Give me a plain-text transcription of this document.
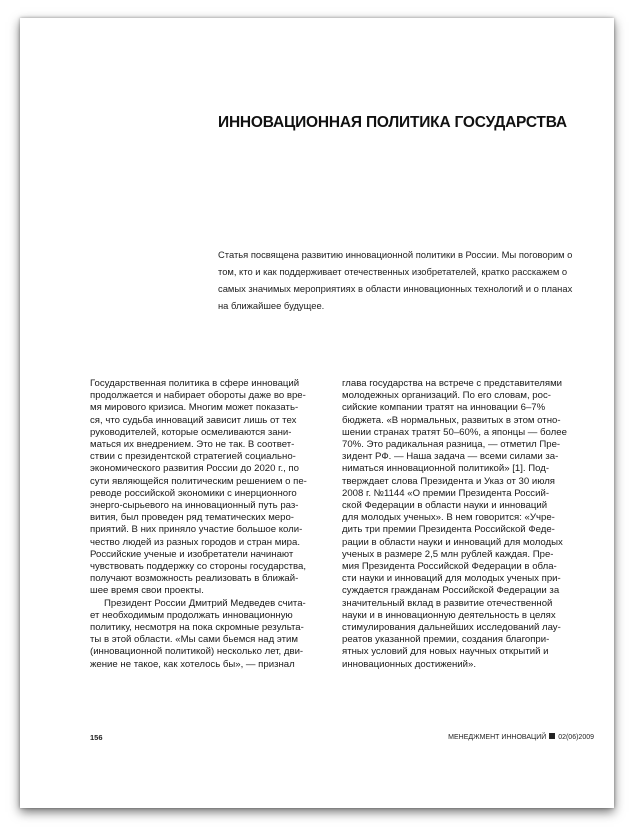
ИННОВАЦИОННАЯ ПОЛИТИКА ГОСУДАРСТВА

Статья посвящена развитию инновационной политики в России. Мы поговорим о
том, кто и как поддерживает отечественных изобретателей, кратко расскажем о
самых значимых мероприятиях в области инновационных технологий и о планах
на ближайшее будущее.

Государственная политика в сфере инноваций
продолжается и набирает обороты даже во вре-
мя мирового кризиса. Многим может показать-
ся, что судьба инноваций зависит лишь от тех
руководителей, которые осмеливаются зани-
маться их внедрением. Это не так. В соответ-
ствии с президентской стратегией социально-
экономического развития России до 2020 г., по
сути являющейся политическим решением о пе-
реводе российской экономики с инерционного
энерго-сырьевого на инновационный путь раз-
вития, был проведен ряд тематических меро-
приятий. В них приняло участие большое коли-
чество людей из разных городов и стран мира.
Российские ученые и изобретатели начинают
чувствовать поддержку со стороны государства,
получают возможность реализовать в ближай-
шее время свои проекты.
Президент России Дмитрий Медведев счита-
ет необходимым продолжать инновационную
политику, несмотря на пока скромные результа-
ты в этой области. «Мы сами бьемся над этим
(инновационной политикой) несколько лет, дви-
жение не такое, как хотелось бы», — признал
глава государства на встрече с представителями
молодежных организаций. По его словам, рос-
сийские компании тратят на инновации 6–7%
бюджета. «В нормальных, развитых в этом отно-
шении странах тратят 50–60%, а японцы — более
70%. Это радикальная разница, — отметил Пре-
зидент РФ. — Наша задача — всеми силами за-
ниматься инновационной политикой» [1]. Под-
тверждает слова Президента и Указ от 30 июля
2008 г. №1144 «О премии Президента Россий-
ской Федерации в области науки и инноваций
для молодых ученых». В нем говорится: «Учре-
дить три премии Президента Российской Феде-
рации в области науки и инноваций для молодых
ученых в размере 2,5 млн рублей каждая. Пре-
мия Президента Российской Федерации в обла-
сти науки и инноваций для молодых ученых при-
суждается гражданам Российской Федерации за
значительный вклад в развитие отечественной
науки и в инновационную деятельность в целях
стимулирования дальнейших исследований лау-
реатов указанной премии, создания благопри-
ятных условий для новых научных открытий и
инновационных достижений».
156	МЕНЕДЖМЕНТ ИННОВАЦИЙ 02(06)2009
